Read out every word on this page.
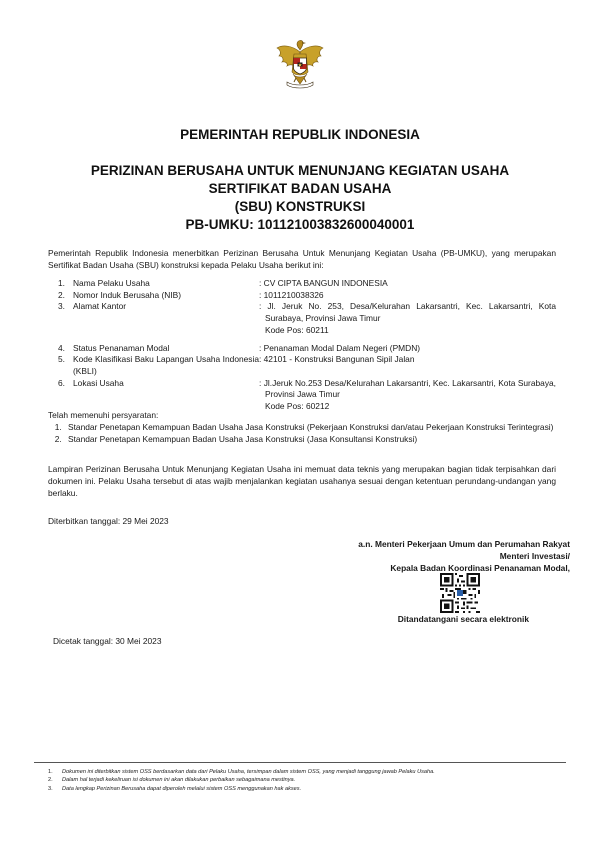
PEMERINTAH REPUBLIK INDONESIA
PERIZINAN BERUSAHA UNTUK MENUNJANG KEGIATAN USAHA
SERTIFIKAT BADAN USAHA
(SBU) KONSTRUKSI
PB-UMKU: 101121003832600040001
Pemerintah Republik Indonesia menerbitkan Perizinan Berusaha Untuk Menunjang Kegiatan Usaha (PB-UMKU), yang merupakan Sertifikat Badan Usaha (SBU) konstruksi kepada Pelaku Usaha berikut ini:
1. Nama Pelaku Usaha	: CV CIPTA BANGUN INDONESIA
2. Nomor Induk Berusaha (NIB)	: 1011210038326
3. Alamat Kantor	: Jl. Jeruk No. 253, Desa/Kelurahan Lakarsantri, Kec. Lakarsantri, Kota Surabaya, Provinsi Jawa Timur
Kode Pos: 60211
4. Status Penanaman Modal	: Penanaman Modal Dalam Negeri (PMDN)
5. Kode Klasifikasi Baku Lapangan Usaha Indonesia (KBLI)
: 42101 - Konstruksi Bangunan Sipil Jalan
6. Lokasi Usaha	: Jl.Jeruk No.253 Desa/Kelurahan Lakarsantri, Kec. Lakarsantri, Kota Surabaya, Provinsi Jawa Timur
Kode Pos: 60212
Telah memenuhi persyaratan:
1. Standar Penetapan Kemampuan Badan Usaha Jasa Konstruksi (Pekerjaan Konstruksi dan/atau Pekerjaan Konstruksi Terintegrasi)
2. Standar Penetapan Kemampuan Badan Usaha Jasa Konstruksi (Jasa Konsultansi Konstruksi)
Lampiran Perizinan Berusaha Untuk Menunjang Kegiatan Usaha ini memuat data teknis yang merupakan bagian tidak terpisahkan dari dokumen ini. Pelaku Usaha tersebut di atas wajib menjalankan kegiatan usahanya sesuai dengan ketentuan perundang-undangan yang berlaku.
Diterbitkan tanggal: 29 Mei 2023
a.n. Menteri Pekerjaan Umum dan Perumahan Rakyat
Menteri Investasi/
Kepala Badan Koordinasi Penanaman Modal,
Ditandatangani secara elektronik
Dicetak tanggal: 30 Mei 2023
1.	Dokumen ini diterbitkan sistem OSS berdasarkan data dari Pelaku Usaha, tersimpan dalam sistem OSS, yang menjadi tanggung jawab Pelaku Usaha.
2.	Dalam hal terjadi kekeliruan isi dokumen ini akan dilakukan perbaikan sebagaimana mestinya.
3.	Data lengkap Perizinan Berusaha dapat diperoleh melalui sistem OSS menggunakan hak akses.
